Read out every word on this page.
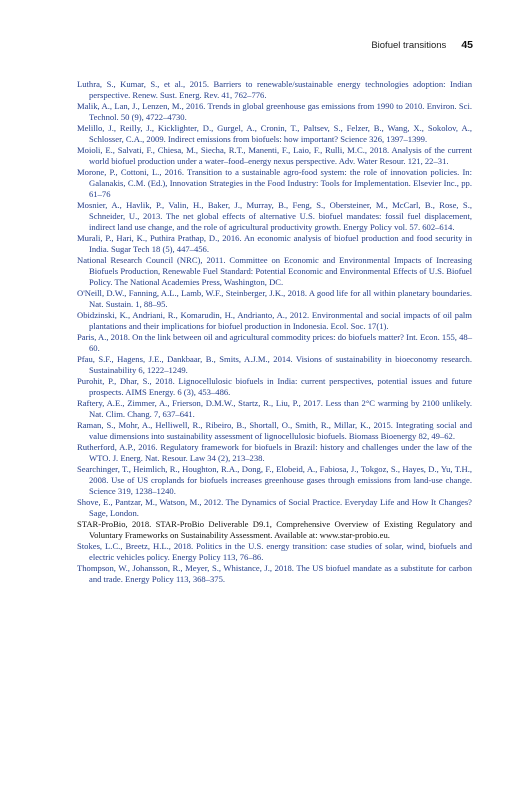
Biofuel transitions 45

Luthra, S., Kumar, S., et al., 2015. Barriers to renewable/sustainable energy technologies adoption: Indian perspective. Renew. Sust. Energ. Rev. 41, 762–776.

Malik, A., Lan, J., Lenzen, M., 2016. Trends in global greenhouse gas emissions from 1990 to 2010. Environ. Sci. Technol. 50 (9), 4722–4730.

Melillo, J., Reilly, J., Kicklighter, D., Gurgel, A., Cronin, T., Paltsev, S., Felzer, B., Wang, X., Sokolov, A., Schlosser, C.A., 2009. Indirect emissions from biofuels: how important? Science 326, 1397–1399.

Moioli, E., Salvati, F., Chiesa, M., Siecha, R.T., Manenti, F., Laio, F., Rulli, M.C., 2018. Analysis of the current world biofuel production under a water–food–energy nexus perspective. Adv. Water Resour. 121, 22–31.

Morone, P., Cottoni, L., 2016. Transition to a sustainable agro-food system: the role of innovation policies. In: Galanakis, C.M. (Ed.), Innovation Strategies in the Food Industry: Tools for Implementation. Elsevier Inc., pp. 61–76

Mosnier, A., Havlik, P., Valin, H., Baker, J., Murray, B., Feng, S., Obersteiner, M., McCarl, B., Rose, S., Schneider, U., 2013. The net global effects of alternative U.S. biofuel mandates: fossil fuel displacement, indirect land use change, and the role of agricultural productivity growth. Energy Policy vol. 57. 602–614.

Murali, P., Hari, K., Puthira Prathap, D., 2016. An economic analysis of biofuel production and food security in India. Sugar Tech 18 (5), 447–456.

National Research Council (NRC), 2011. Committee on Economic and Environmental Impacts of Increasing Biofuels Production, Renewable Fuel Standard: Potential Economic and Environmental Effects of U.S. Biofuel Policy. The National Academies Press, Washington, DC.

O'Neill, D.W., Fanning, A.L., Lamb, W.F., Steinberger, J.K., 2018. A good life for all within planetary boundaries. Nat. Sustain. 1, 88–95.

Obidzinski, K., Andriani, R., Komarudin, H., Andrianto, A., 2012. Environmental and social impacts of oil palm plantations and their implications for biofuel production in Indonesia. Ecol. Soc. 17(1).

Paris, A., 2018. On the link between oil and agricultural commodity prices: do biofuels matter? Int. Econ. 155, 48–60.

Pfau, S.F., Hagens, J.E., Dankbaar, B., Smits, A.J.M., 2014. Visions of sustainability in bioeconomy research. Sustainability 6, 1222–1249.

Purohit, P., Dhar, S., 2018. Lignocellulosic biofuels in India: current perspectives, potential issues and future prospects. AIMS Energy. 6 (3), 453–486.

Raftery, A.E., Zimmer, A., Frierson, D.M.W., Startz, R., Liu, P., 2017. Less than 2°C warming by 2100 unlikely. Nat. Clim. Chang. 7, 637–641.

Raman, S., Mohr, A., Helliwell, R., Ribeiro, B., Shortall, O., Smith, R., Millar, K., 2015. Integrating social and value dimensions into sustainability assessment of lignocellulosic biofuels. Biomass Bioenergy 82, 49–62.

Rutherford, A.P., 2016. Regulatory framework for biofuels in Brazil: history and challenges under the law of the WTO. J. Energ. Nat. Resour. Law 34 (2), 213–238.

Searchinger, T., Heimlich, R., Houghton, R.A., Dong, F., Elobeid, A., Fabiosa, J., Tokgoz, S., Hayes, D., Yu, T.H., 2008. Use of US croplands for biofuels increases greenhouse gases through emissions from land-use change. Science 319, 1238–1240.

Shove, E., Pantzar, M., Watson, M., 2012. The Dynamics of Social Practice. Everyday Life and How It Changes? Sage, London.

STAR-ProBio, 2018. STAR-ProBio Deliverable D9.1, Comprehensive Overview of Existing Regulatory and Voluntary Frameworks on Sustainability Assessment. Available at: www.star-probio.eu.

Stokes, L.C., Breetz, H.L., 2018. Politics in the U.S. energy transition: case studies of solar, wind, biofuels and electric vehicles policy. Energy Policy 113, 76–86.

Thompson, W., Johansson, R., Meyer, S., Whistance, J., 2018. The US biofuel mandate as a substitute for carbon and trade. Energy Policy 113, 368–375.
